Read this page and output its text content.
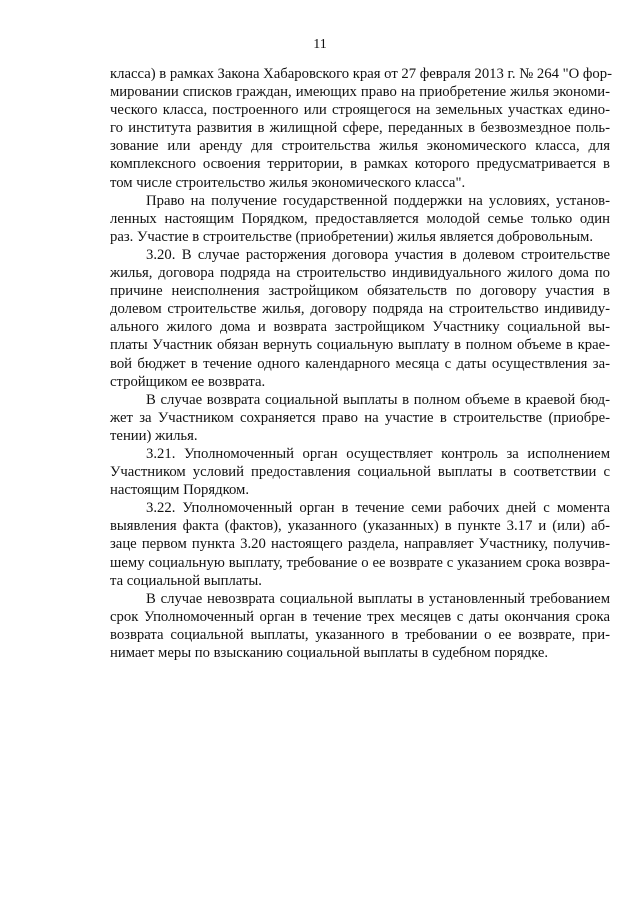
11
класса) в рамках Закона Хабаровского края от 27 февраля 2013 г. № 264 "О фор-
мировании списков граждан, имеющих право на приобретение жилья экономи-
ческого класса, построенного или строящегося на земельных участках едино-
го института развития в жилищной сфере, переданных в безвозмездное поль-
зование или аренду для строительства жилья экономического класса, для
комплексного освоения территории, в рамках которого предусматривается в
том числе строительство жилья экономического класса".
Право на получение государственной поддержки на условиях, установ-
ленных настоящим Порядком, предоставляется молодой семье только один
раз. Участие в строительстве (приобретении) жилья является добровольным.
3.20. В случае расторжения договора участия в долевом строительстве
жилья, договора подряда на строительство индивидуального жилого дома по
причине неисполнения застройщиком обязательств по договору участия в
долевом строительстве жилья, договору подряда на строительство индивиду-
ального жилого дома и возврата застройщиком Участнику социальной вы-
платы Участник обязан вернуть социальную выплату в полном объеме в крае-
вой бюджет в течение одного календарного месяца с даты осуществления за-
стройщиком ее возврата.
В случае возврата социальной выплаты в полном объеме в краевой бюд-
жет за Участником сохраняется право на участие в строительстве (приобре-
тении) жилья.
3.21. Уполномоченный орган осуществляет контроль за исполнением
Участником условий предоставления социальной выплаты в соответствии с
настоящим Порядком.
3.22. Уполномоченный орган в течение семи рабочих дней с момента
выявления факта (фактов), указанного (указанных) в пункте 3.17 и (или) аб-
заце первом пункта 3.20 настоящего раздела, направляет Участнику, получив-
шему социальную выплату, требование о ее возврате с указанием срока возвра-
та социальной выплаты.
В случае невозврата социальной выплаты в установленный требованием
срок Уполномоченный орган в течение трех месяцев с даты окончания срока
возврата социальной выплаты, указанного в требовании о ее возврате, при-
нимает меры по взысканию социальной выплаты в судебном порядке.
